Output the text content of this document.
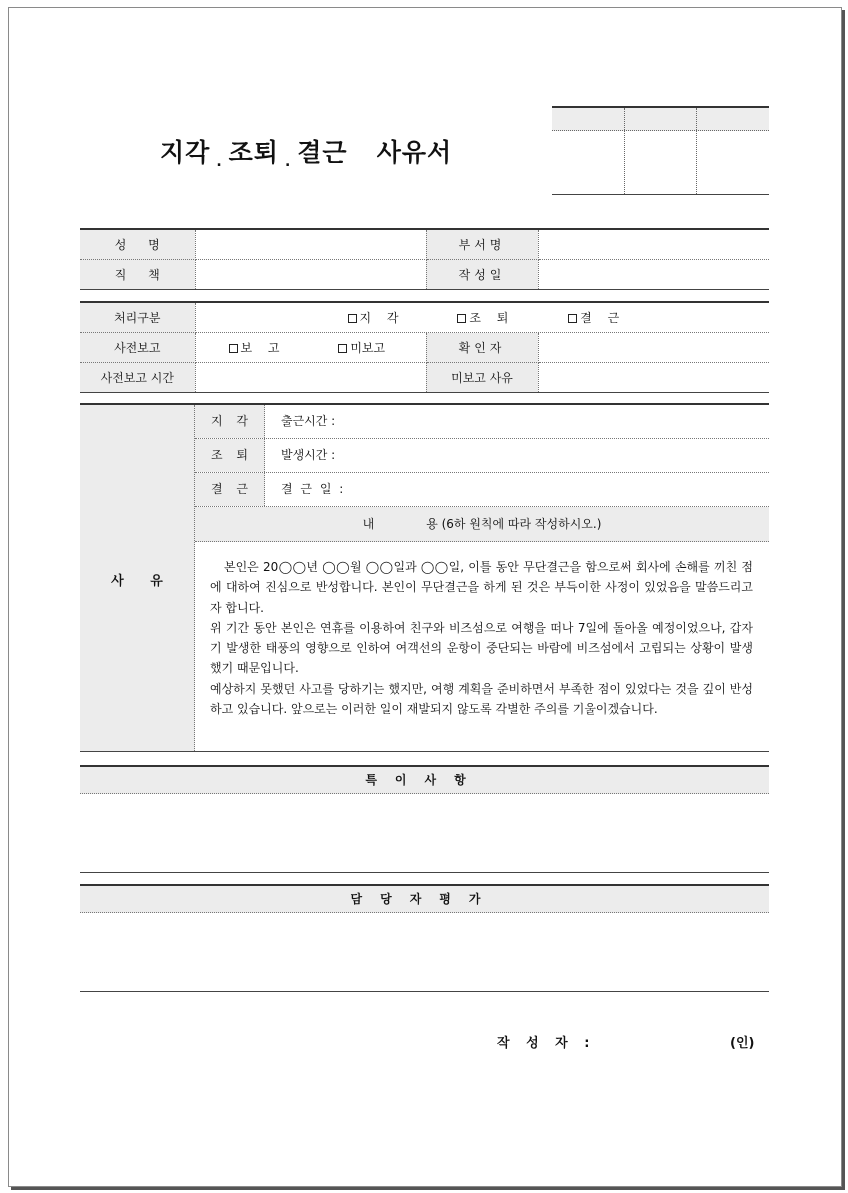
지각 . 조퇴 . 결근 사유서
성 명		부서명	
직 책		작성일	
처리구분	지 각 조 퇴 결 근		
사전보고	보 고 미보고	확인자	
사전보고 시간		미보고 사유	
사 유
지 각	출근시간 :
조 퇴	발생시간 :
결 근	결 근 일 :
내	용 (6하 원칙에 따라 작성하시오.)

본인은 20◯◯년 ◯◯월 ◯◯일과 ◯◯일, 이틀 동안 무단결근을 함으로써 회사에 손해를 끼친 점에 대하여 진심으로 반성합니다. 본인이 무단결근을 하게 된 것은 부득이한 사정이 있었음을 말씀드리고자 합니다.

위 기간 동안 본인은 연휴를 이용하여 친구와 비즈섬으로 여행을 떠나 7일에 돌아올 예정이었으나, 갑자기 발생한 태풍의 영향으로 인하여 여객선의 운항이 중단되는 바람에 비즈섬에서 고립되는 상황이 발생했기 때문입니다.

예상하지 못했던 사고를 당하기는 했지만, 여행 계획을 준비하면서 부족한 점이 있었다는 것을 깊이 반성하고 있습니다. 앞으로는 이러한 일이 재발되지 않도록 각별한 주의를 기울이겠습니다.

특이사항
담당자평가
작 성 자 :	(인)
